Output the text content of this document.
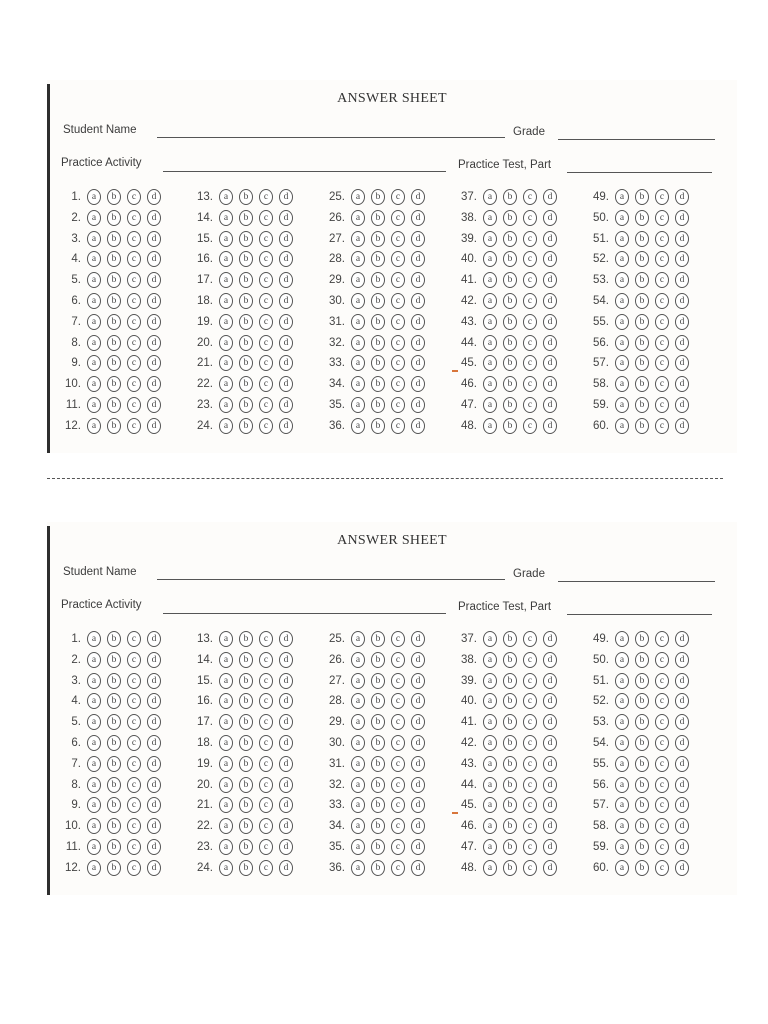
ANSWER SHEET
Student Name	Grade
Practice Activity	Practice Test, Part
1.	a	b	c	d
2.	a	b	c	d
3.	a	b	c	d
4.	a	b	c	d
5.	a	b	c	d
6.	a	b	c	d
7.	a	b	c	d
8.	a	b	c	d
9.	a	b	c	d
10.	a	b	c	d
11.	a	b	c	d
12.	a	b	c	d
13.	a	b	c	d
14.	a	b	c	d
15.	a	b	c	d
16.	a	b	c	d
17.	a	b	c	d
18.	a	b	c	d
19.	a	b	c	d
20.	a	b	c	d
21.	a	b	c	d
22.	a	b	c	d
23.	a	b	c	d
24.	a	b	c	d
25.	a	b	c	d
26.	a	b	c	d
27.	a	b	c	d
28.	a	b	c	d
29.	a	b	c	d
30.	a	b	c	d
31.	a	b	c	d
32.	a	b	c	d
33.	a	b	c	d
34.	a	b	c	d
35.	a	b	c	d
36.	a	b	c	d
37.	a	b	c	d
38.	a	b	c	d
39.	a	b	c	d
40.	a	b	c	d
41.	a	b	c	d
42.	a	b	c	d
43.	a	b	c	d
44.	a	b	c	d
45.	a	b	c	d
46.	a	b	c	d
47.	a	b	c	d
48.	a	b	c	d
49.	a	b	c	d
50.	a	b	c	d
51.	a	b	c	d
52.	a	b	c	d
53.	a	b	c	d
54.	a	b	c	d
55.	a	b	c	d
56.	a	b	c	d
57.	a	b	c	d
58.	a	b	c	d
59.	a	b	c	d
60.	a	b	c	d
ANSWER SHEET
Student Name	Grade
Practice Activity	Practice Test, Part
1.	a	b	c	d
2.	a	b	c	d
3.	a	b	c	d
4.	a	b	c	d
5.	a	b	c	d
6.	a	b	c	d
7.	a	b	c	d
8.	a	b	c	d
9.	a	b	c	d
10.	a	b	c	d
11.	a	b	c	d
12.	a	b	c	d
13.	a	b	c	d
14.	a	b	c	d
15.	a	b	c	d
16.	a	b	c	d
17.	a	b	c	d
18.	a	b	c	d
19.	a	b	c	d
20.	a	b	c	d
21.	a	b	c	d
22.	a	b	c	d
23.	a	b	c	d
24.	a	b	c	d
25.	a	b	c	d
26.	a	b	c	d
27.	a	b	c	d
28.	a	b	c	d
29.	a	b	c	d
30.	a	b	c	d
31.	a	b	c	d
32.	a	b	c	d
33.	a	b	c	d
34.	a	b	c	d
35.	a	b	c	d
36.	a	b	c	d
37.	a	b	c	d
38.	a	b	c	d
39.	a	b	c	d
40.	a	b	c	d
41.	a	b	c	d
42.	a	b	c	d
43.	a	b	c	d
44.	a	b	c	d
45.	a	b	c	d
46.	a	b	c	d
47.	a	b	c	d
48.	a	b	c	d
49.	a	b	c	d
50.	a	b	c	d
51.	a	b	c	d
52.	a	b	c	d
53.	a	b	c	d
54.	a	b	c	d
55.	a	b	c	d
56.	a	b	c	d
57.	a	b	c	d
58.	a	b	c	d
59.	a	b	c	d
60.	a	b	c	d
